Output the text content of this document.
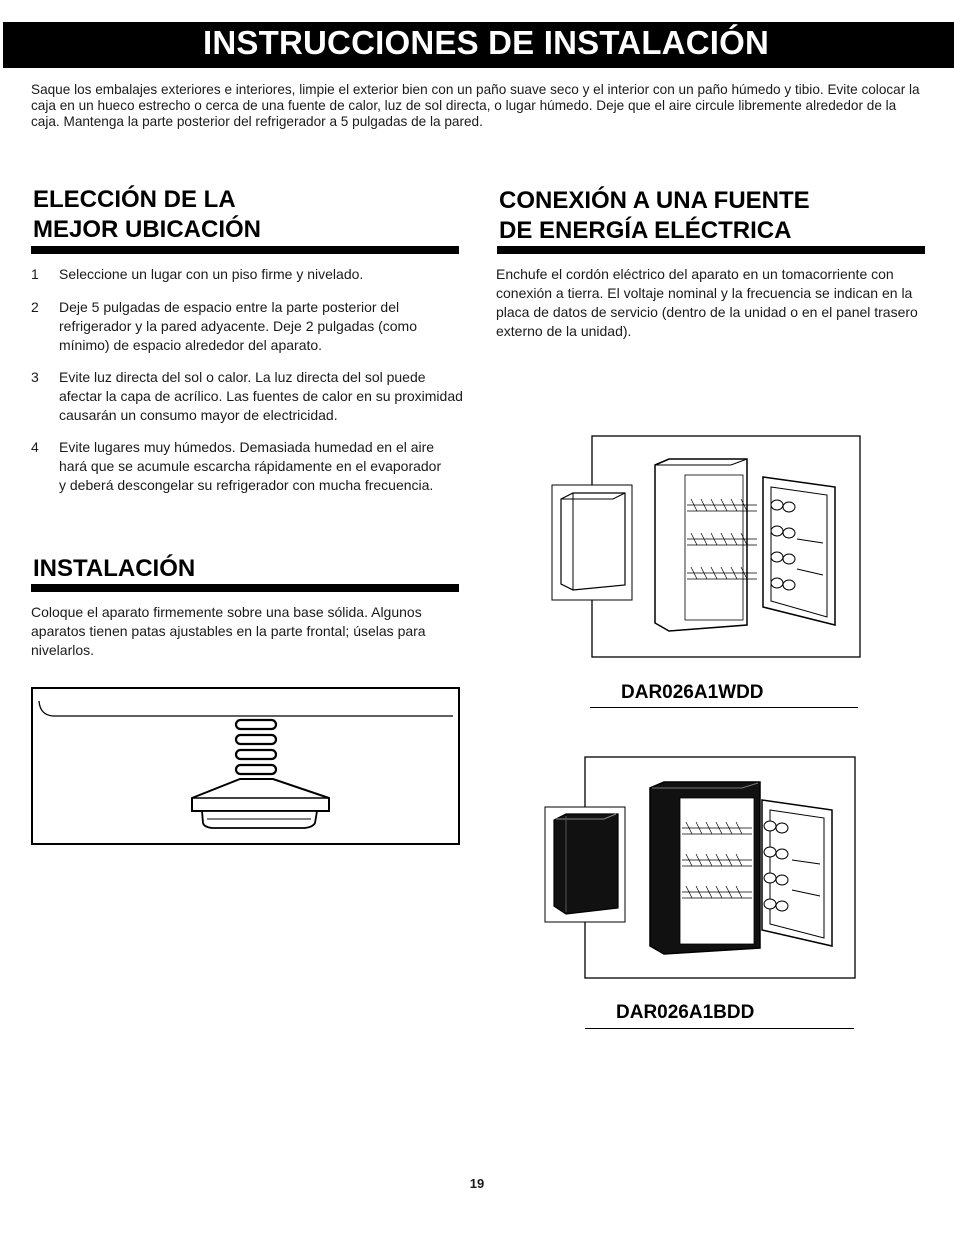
INSTRUCCIONES DE INSTALACIÓN
Saque los embalajes exteriores e interiores, limpie el exterior bien con un paño suave seco y el interior con un paño húmedo y tibio. Evite colocar la caja en un hueco estrecho o cerca de una fuente de calor, luz de sol directa, o lugar húmedo. Deje que el aire circule libremente alrededor de la caja. Mantenga la parte posterior del refrigerador a 5 pulgadas de la pared.
ELECCIÓN DE LA
MEJOR UBICACIÓN
1 Seleccione un lugar con un piso firme y nivelado.
2 Deje 5 pulgadas de espacio entre la parte posterior del refrigerador y la pared adyacente. Deje 2 pulgadas (como mínimo) de espacio alrededor del aparato.
3 Evite luz directa del sol o calor. La luz directa del sol puede afectar la capa de acrílico. Las fuentes de calor en su proximidad causarán un consumo mayor de electricidad.
4 Evite lugares muy húmedos. Demasiada humedad en el aire hará que se acumule escarcha rápidamente en el evaporador y deberá descongelar su refrigerador con mucha frecuencia.
INSTALACIÓN
Coloque el aparato firmemente sobre una base sólida. Algunos aparatos tienen patas ajustables en la parte frontal; úselas para nivelarlos.
CONEXIÓN A UNA FUENTE
DE ENERGÍA ELÉCTRICA
Enchufe el cordón eléctrico del aparato en un tomacorriente con conexión a tierra. El voltaje nominal y la frecuencia se indican en la placa de datos de servicio (dentro de la unidad o en el panel trasero externo de la unidad).
DAR026A1WDD
DAR026A1BDD
19
